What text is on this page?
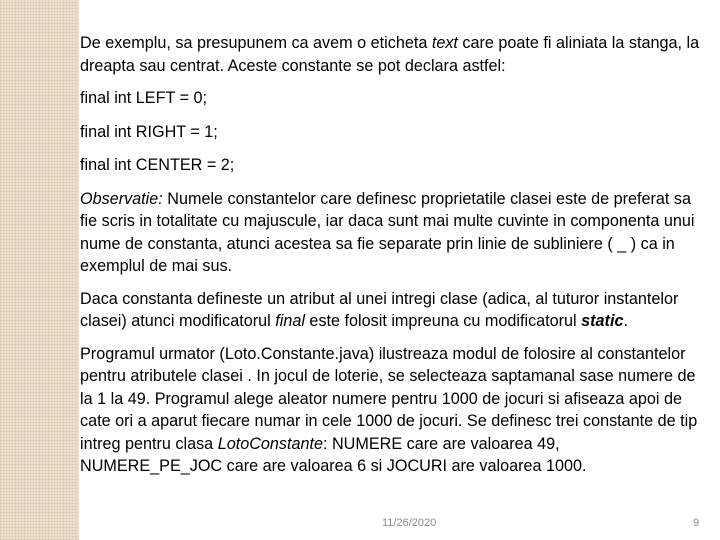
De exemplu, sa presupunem ca avem o eticheta text care poate fi aliniata la stanga, la dreapta sau centrat. Aceste constante se pot declara astfel:

final int LEFT = 0;

final int RIGHT = 1;

final int CENTER = 2;

Observatie: Numele constantelor care definesc proprietatile clasei este de preferat sa fie scris in totalitate cu majuscule, iar daca sunt mai multe cuvinte in componenta unui nume de constanta, atunci acestea sa fie separate prin linie de subliniere ( _ ) ca in exemplul de mai sus.

Daca constanta defineste un atribut al unei intregi clase (adica, al tuturor instantelor clasei) atunci modificatorul final este folosit impreuna cu modificatorul static.

Programul urmator (Loto.Constante.java) ilustreaza modul de folosire al constantelor pentru atributele clasei . In jocul de loterie, se selecteaza saptamanal sase numere de la 1 la 49. Programul alege aleator numere pentru 1000 de jocuri si afiseaza apoi de cate ori a aparut fiecare numar in cele 1000 de jocuri. Se definesc trei constante de tip intreg pentru clasa LotoConstante: NUMERE care are valoarea 49, NUMERE_PE_JOC care are valoarea 6 si JOCURI are valoarea 1000.

11/26/2020	9
